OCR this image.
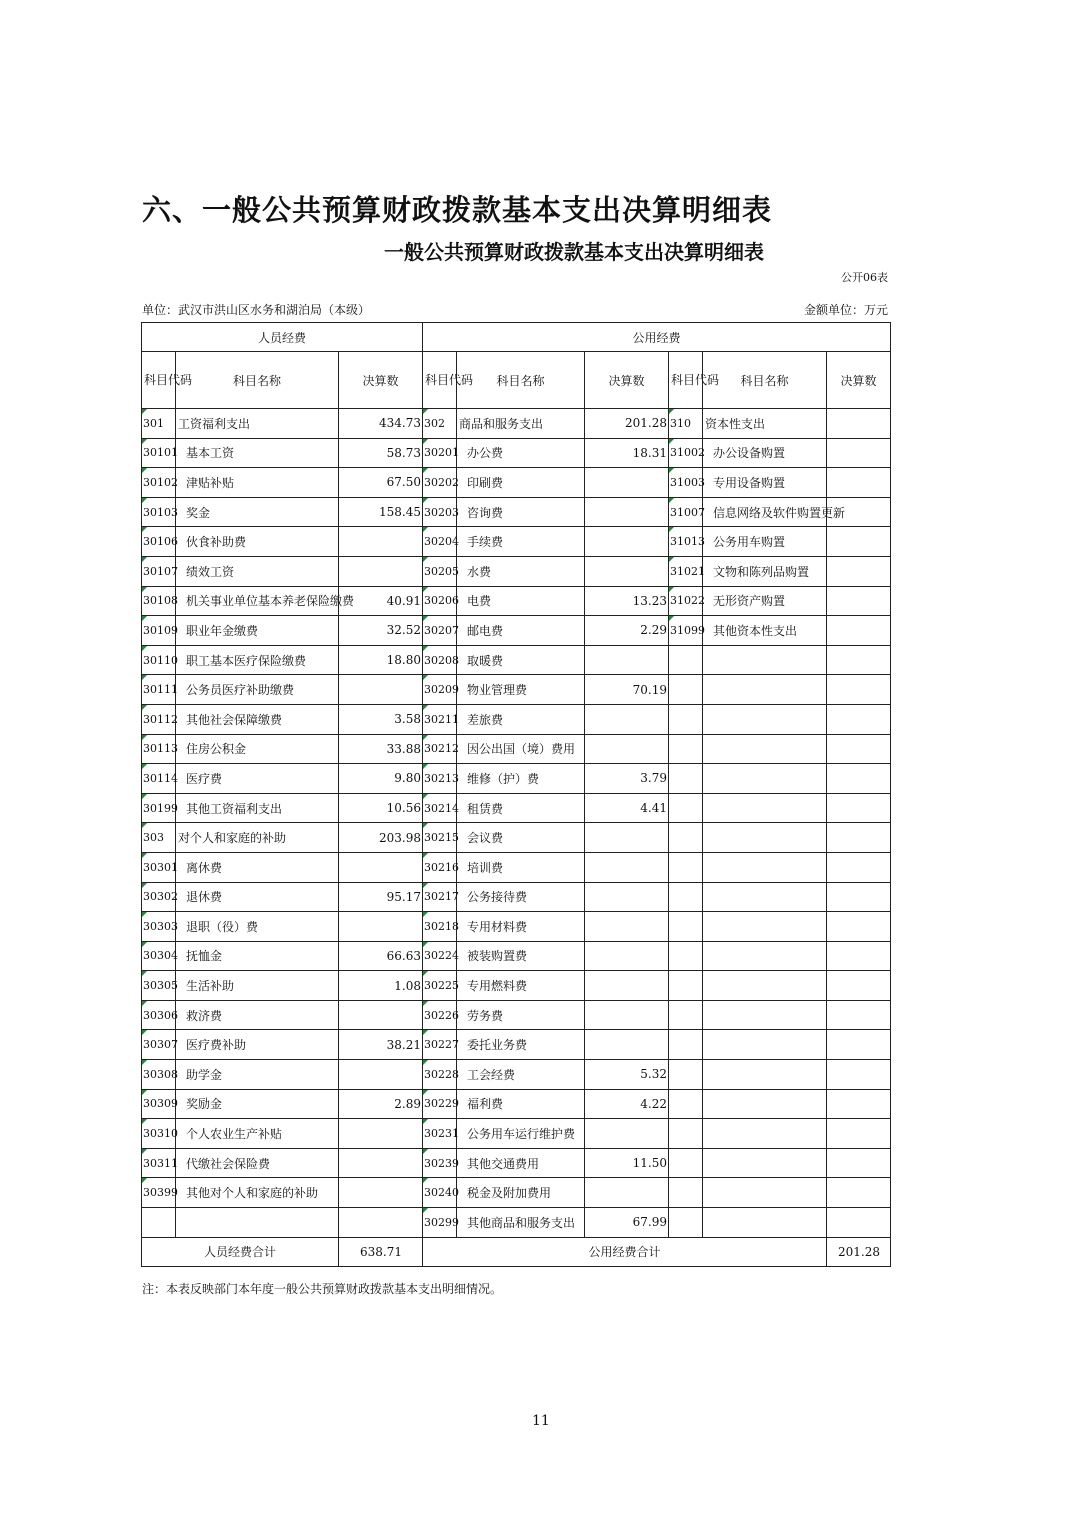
六、一般公共预算财政拨款基本支出决算明细表
一般公共预算财政拨款基本支出决算明细表
公开06表
单位：武汉市洪山区水务和湖泊局（本级）	金额单位：万元
人员经费			公用经费					
科目代码	科目名称	决算数	科目代码	科目名称	决算数	科目代码	科目名称	决算数
301	工资福利支出	434.73	302	商品和服务支出	201.28	310	资本性支出	
30101	基本工资	58.73	30201	办公费	18.31	31002	办公设备购置	
30102	津贴补贴	67.50	30202	印刷费		31003	专用设备购置	
30103	奖金	158.45	30203	咨询费		31007	信息网络及软件购置更新	
30106	伙食补助费		30204	手续费		31013	公务用车购置	
30107	绩效工资		30205	水费		31021	文物和陈列品购置	
30108	机关事业单位基本养老保险缴费	40.91	30206	电费	13.23	31022	无形资产购置	
30109	职业年金缴费	32.52	30207	邮电费	2.29	31099	其他资本性支出	
30110	职工基本医疗保险缴费	18.80	30208	取暖费				
30111	公务员医疗补助缴费		30209	物业管理费	70.19			
30112	其他社会保障缴费	3.58	30211	差旅费				
30113	住房公积金	33.88	30212	因公出国（境）费用				
30114	医疗费	9.80	30213	维修（护）费	3.79			
30199	其他工资福利支出	10.56	30214	租赁费	4.41			
303	对个人和家庭的补助	203.98	30215	会议费				
30301	离休费		30216	培训费				
30302	退休费	95.17	30217	公务接待费				
30303	退职（役）费		30218	专用材料费				
30304	抚恤金	66.63	30224	被装购置费				
30305	生活补助	1.08	30225	专用燃料费				
30306	救济费		30226	劳务费				
30307	医疗费补助	38.21	30227	委托业务费				
30308	助学金		30228	工会经费	5.32			
30309	奖励金	2.89	30229	福利费	4.22			
30310	个人农业生产补贴		30231	公务用车运行维护费				
30311	代缴社会保险费		30239	其他交通费用	11.50			
30399	其他对个人和家庭的补助		30240	税金及附加费用				
			30299	其他商品和服务支出	67.99			
人员经费合计		638.71	公用经费合计					201.28
注：本表反映部门本年度一般公共预算财政拨款基本支出明细情况。
11
